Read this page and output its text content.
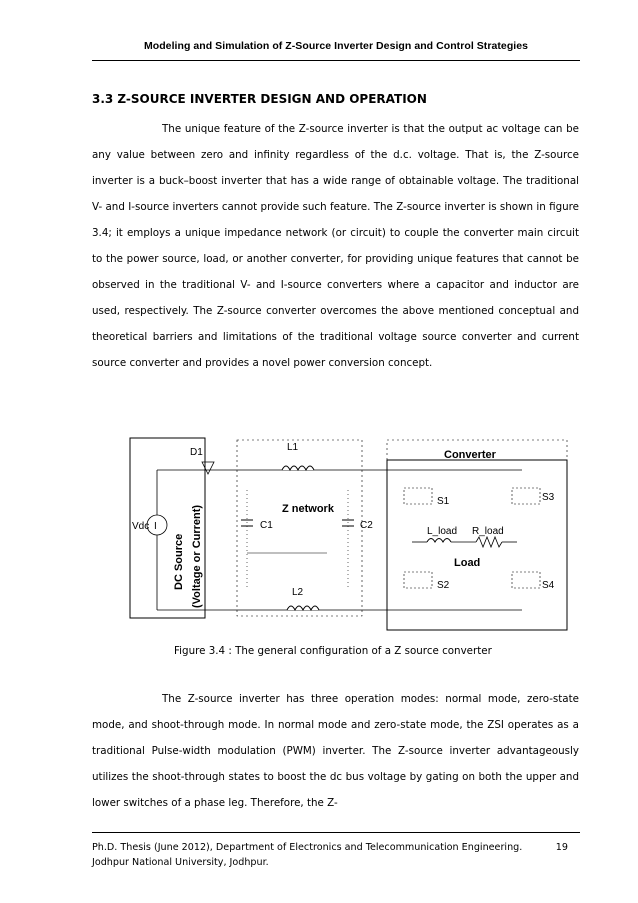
Modeling and Simulation of Z-Source Inverter Design and Control Strategies
3.3 Z-SOURCE INVERTER DESIGN AND OPERATION

The unique feature of the Z-source inverter is that the output ac voltage can be any value between zero and infinity regardless of the d.c. voltage. That is, the Z-source inverter is a buck–boost inverter that has a wide range of obtainable voltage. The traditional V- and I-source inverters cannot provide such feature. The Z-source inverter is shown in figure 3.4; it employs a unique impedance network (or circuit) to couple the converter main circuit to the power source, load, or another converter, for providing unique features that cannot be observed in the traditional V- and I-source converters where a capacitor and inductor are used, respectively. The Z-source converter overcomes the above mentioned conceptual and theoretical barriers and limitations of the traditional voltage source converter and current source converter and provides a novel power conversion concept.

I
D1	L1
L2
C1	C2
Vdc
Z network
Converter
S1	S3
S2	S4
L_load R_load
Load
DC Source (Voltage or Current)
Figure 3.4 : The general configuration of a Z source converter

The Z-source inverter has three operation modes: normal mode, zero-state mode, and shoot-through mode. In normal mode and zero-state mode, the ZSI operates as a traditional Pulse-width modulation (PWM) inverter. The Z-source inverter advantageously utilizes the shoot-through states to boost the dc bus voltage by gating on both the upper and lower switches of a phase leg. Therefore, the Z-

Ph.D. Thesis (June 2012), Department of Electronics and Telecommunication Engineering.
Jodhpur National University, Jodhpur.
19
